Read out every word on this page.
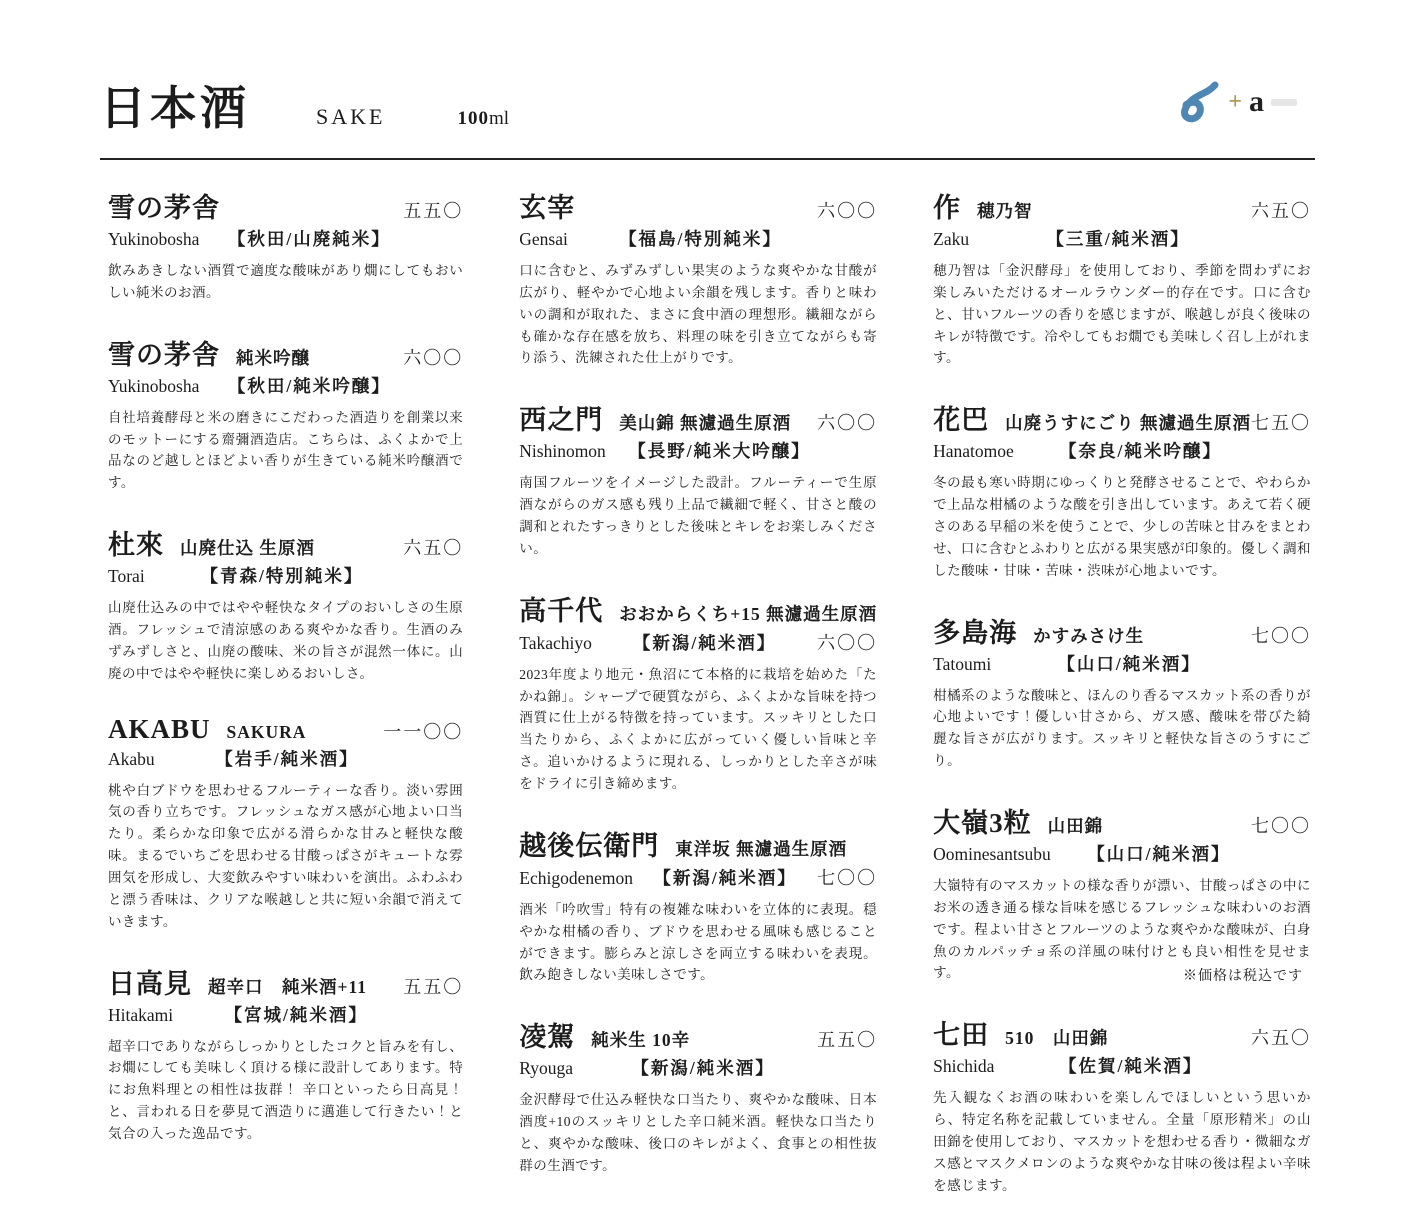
日本酒	SAKE	100ml
+ a
雪の茅舎	五五〇
Yukinobosha	【秋田/山廃純米】
飲みあきしない酒質で適度な酸味があり燗にしてもおいしい純米のお酒。
雪の茅舎 純米吟醸	六〇〇
Yukinobosha	【秋田/純米吟醸】
自社培養酵母と米の磨きにこだわった酒造りを創業以来のモットーにする齋彌酒造店。こちらは、ふくよかで上品なのど越しとほどよい香りが生きている純米吟醸酒です。
杜來 山廃仕込 生原酒	六五〇
Torai	【青森/特別純米】
山廃仕込みの中ではやや軽快なタイプのおいしさの生原酒。フレッシュで清涼感のある爽やかな香り。生酒のみずみずしさと、山廃の酸味、米の旨さが混然一体に。山廃の中ではやや軽快に楽しめるおいしさ。
AKABU SAKURA	一一〇〇
Akabu	【岩手/純米酒】
桃や白ブドウを思わせるフルーティーな香り。淡い雰囲気の香り立ちです。フレッシュなガス感が心地よい口当たり。柔らかな印象で広がる滑らかな甘みと軽快な酸味。まるでいちごを思わせる甘酸っぱさがキュートな雰囲気を形成し、大変飲みやすい味わいを演出。ふわふわと漂う香味は、クリアな喉越しと共に短い余韻で消えていきます。
日高見 超辛口　純米酒+11 五五〇
Hitakami	【宮城/純米酒】
超辛口でありながらしっかりとしたコクと旨みを有し、お燗にしても美味しく頂ける様に設計してあります。特にお魚料理との相性は抜群！ 辛口といったら日高見！と、言われる日を夢見て酒造りに邁進して行きたい！と気合の入った逸品です。
玄宰	六〇〇
Gensai	【福島/特別純米】
口に含むと、みずみずしい果実のような爽やかな甘酸が広がり、軽やかで心地よい余韻を残します。香りと味わいの調和が取れた、まさに食中酒の理想形。繊細ながらも確かな存在感を放ち、料理の味を引き立てながらも寄り添う、洗練された仕上がりです。
西之門 美山錦 無濾過生原酒 六〇〇
Nishinomon	【長野/純米大吟醸】
南国フルーツをイメージした設計。フルーティーで生原酒ながらのガス感も残り上品で繊細で軽く、甘さと酸の調和とれたすっきりとした後味とキレをお楽しみください。
高千代 おおからくち+15 無濾過生原酒
Takachiyo	【新潟/純米酒】	六〇〇
2023年度より地元・魚沼にて本格的に栽培を始めた「たかね錦」。シャープで硬質ながら、ふくよかな旨味を持つ酒質に仕上がる特徴を持っています。スッキリとした口当たりから、ふくよかに広がっていく優しい旨味と辛さ。追いかけるように現れる、しっかりとした辛さが味をドライに引き締めます。
越後伝衛門 東洋坂 無濾過生原酒
Echigodenemon	【新潟/純米酒】	七〇〇
酒米「吟吹雪」特有の複雑な味わいを立体的に表現。穏やかな柑橘の香り、ブドウを思わせる風味も感じることができます。膨らみと涼しさを両立する味わいを表現。飲み飽きしない美味しさです。
凌駕 純米生 10辛	五五〇
Ryouga	【新潟/純米酒】
金沢酵母で仕込み軽快な口当たり、爽やかな酸味、日本酒度+10のスッキリとした辛口純米酒。軽快な口当たりと、爽やかな酸味、後口のキレがよく、食事との相性抜群の生酒です。
作 穂乃智	六五〇
Zaku	【三重/純米酒】
穂乃智は「金沢酵母」を使用しており、季節を問わずにお楽しみいただけるオールラウンダー的存在です。口に含むと、甘いフルーツの香りを感じますが、喉越しが良く後味のキレが特徴です。冷やしてもお燗でも美味しく召し上がれます。
花巴 山廃うすにごり 無濾過生原酒 七五〇
Hanatomoe	【奈良/純米吟醸】
冬の最も寒い時期にゆっくりと発酵させることで、やわらかで上品な柑橘のような酸を引き出しています。あえて若く硬さのある早稲の米を使うことで、少しの苦味と甘みをまとわせ、口に含むとふわりと広がる果実感が印象的。優しく調和した酸味・甘味・苦味・渋味が心地よいです。
多島海 かすみさけ生	七〇〇
Tatoumi	【山口/純米酒】
柑橘系のような酸味と、ほんのり香るマスカット系の香りが心地よいです！優しい甘さから、ガス感、酸味を帯びた綺麗な旨さが広がります。スッキリと軽快な旨さのうすにごり。
大嶺3粒 山田錦	七〇〇
Oominesantsubu	【山口/純米酒】
大嶺特有のマスカットの様な香りが漂い、甘酸っぱさの中にお米の透き通る様な旨味を感じるフレッシュな味わいのお酒です。程よい甘さとフルーツのような爽やかな酸味が、白身魚のカルパッチョ系の洋風の味付けとも良い相性を見せます。
七田 510　山田錦	六五〇
Shichida	【佐賀/純米酒】
先入観なくお酒の味わいを楽しんでほしいという思いから、特定名称を記載していません。全量「原形精米」の山田錦を使用しており、マスカットを想わせる香り・微細なガス感とマスクメロンのような爽やかな甘味の後は程よい辛味を感じます。
※価格は税込です
